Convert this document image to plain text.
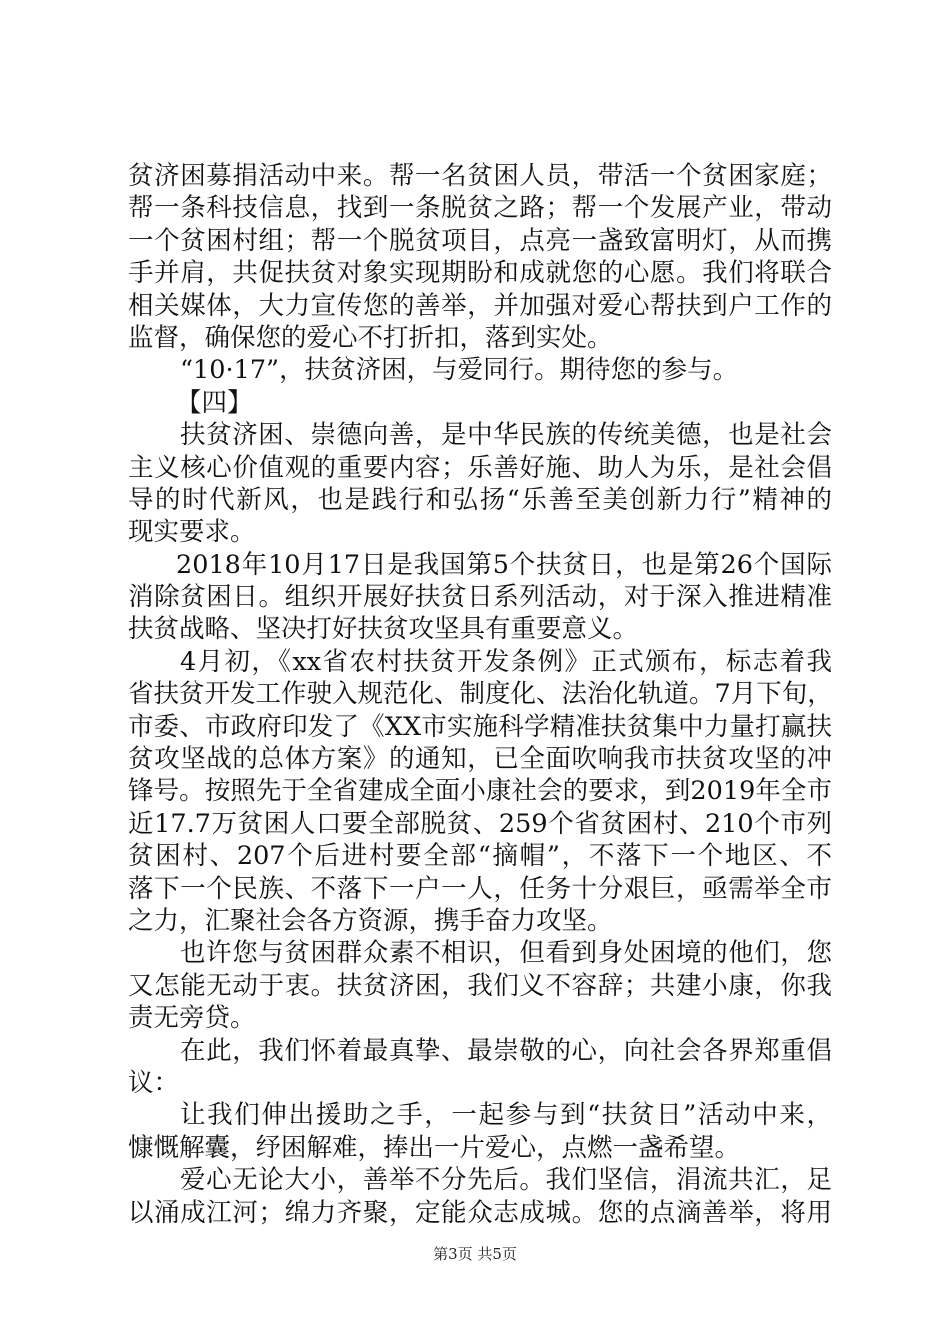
贫济困募捐活动中来。帮一名贫困人员，带活一个贫困家庭；
帮一条科技信息，找到一条脱贫之路；帮一个发展产业，带动
一个贫困村组；帮一个脱贫项目，点亮一盏致富明灯，从而携
手并肩，共促扶贫对象实现期盼和成就您的心愿。我们将联合
相关媒体，大力宣传您的善举，并加强对爱心帮扶到户工作的
监督，确保您的爱心不打折扣，落到实处。
“10·17”，扶贫济困，与爱同行。期待您的参与。
【四】
扶贫济困、崇德向善，是中华民族的传统美德，也是社会
主义核心价值观的重要内容；乐善好施、助人为乐，是社会倡
导的时代新风，也是践行和弘扬“乐善至美创新力行”精神的
现实要求。
2018年10月17日是我国第5个扶贫日，也是第26个国际
消除贫困日。组织开展好扶贫日系列活动，对于深入推进精准
扶贫战略、坚决打好扶贫攻坚具有重要意义。
4月初，《xx省农村扶贫开发条例》正式颁布，标志着我
省扶贫开发工作驶入规范化、制度化、法治化轨道。7月下旬，
市委、市政府印发了《XX市实施科学精准扶贫集中力量打赢扶
贫攻坚战的总体方案》的通知，已全面吹响我市扶贫攻坚的冲
锋号。按照先于全省建成全面小康社会的要求，到2019年全市
近17.7万贫困人口要全部脱贫、259个省贫困村、210个市列
贫困村、207个后进村要全部“摘帽”，不落下一个地区、不
落下一个民族、不落下一户一人，任务十分艰巨，亟需举全市
之力，汇聚社会各方资源，携手奋力攻坚。
也许您与贫困群众素不相识，但看到身处困境的他们，您
又怎能无动于衷。扶贫济困，我们义不容辞；共建小康，你我
责无旁贷。
在此，我们怀着最真挚、最崇敬的心，向社会各界郑重倡
议：
让我们伸出援助之手，一起参与到“扶贫日”活动中来，
慷慨解囊，纾困解难，捧出一片爱心，点燃一盏希望。
爱心无论大小，善举不分先后。我们坚信，涓流共汇，足
以涌成江河；绵力齐聚，定能众志成城。您的点滴善举，将用
第3页 共5页
